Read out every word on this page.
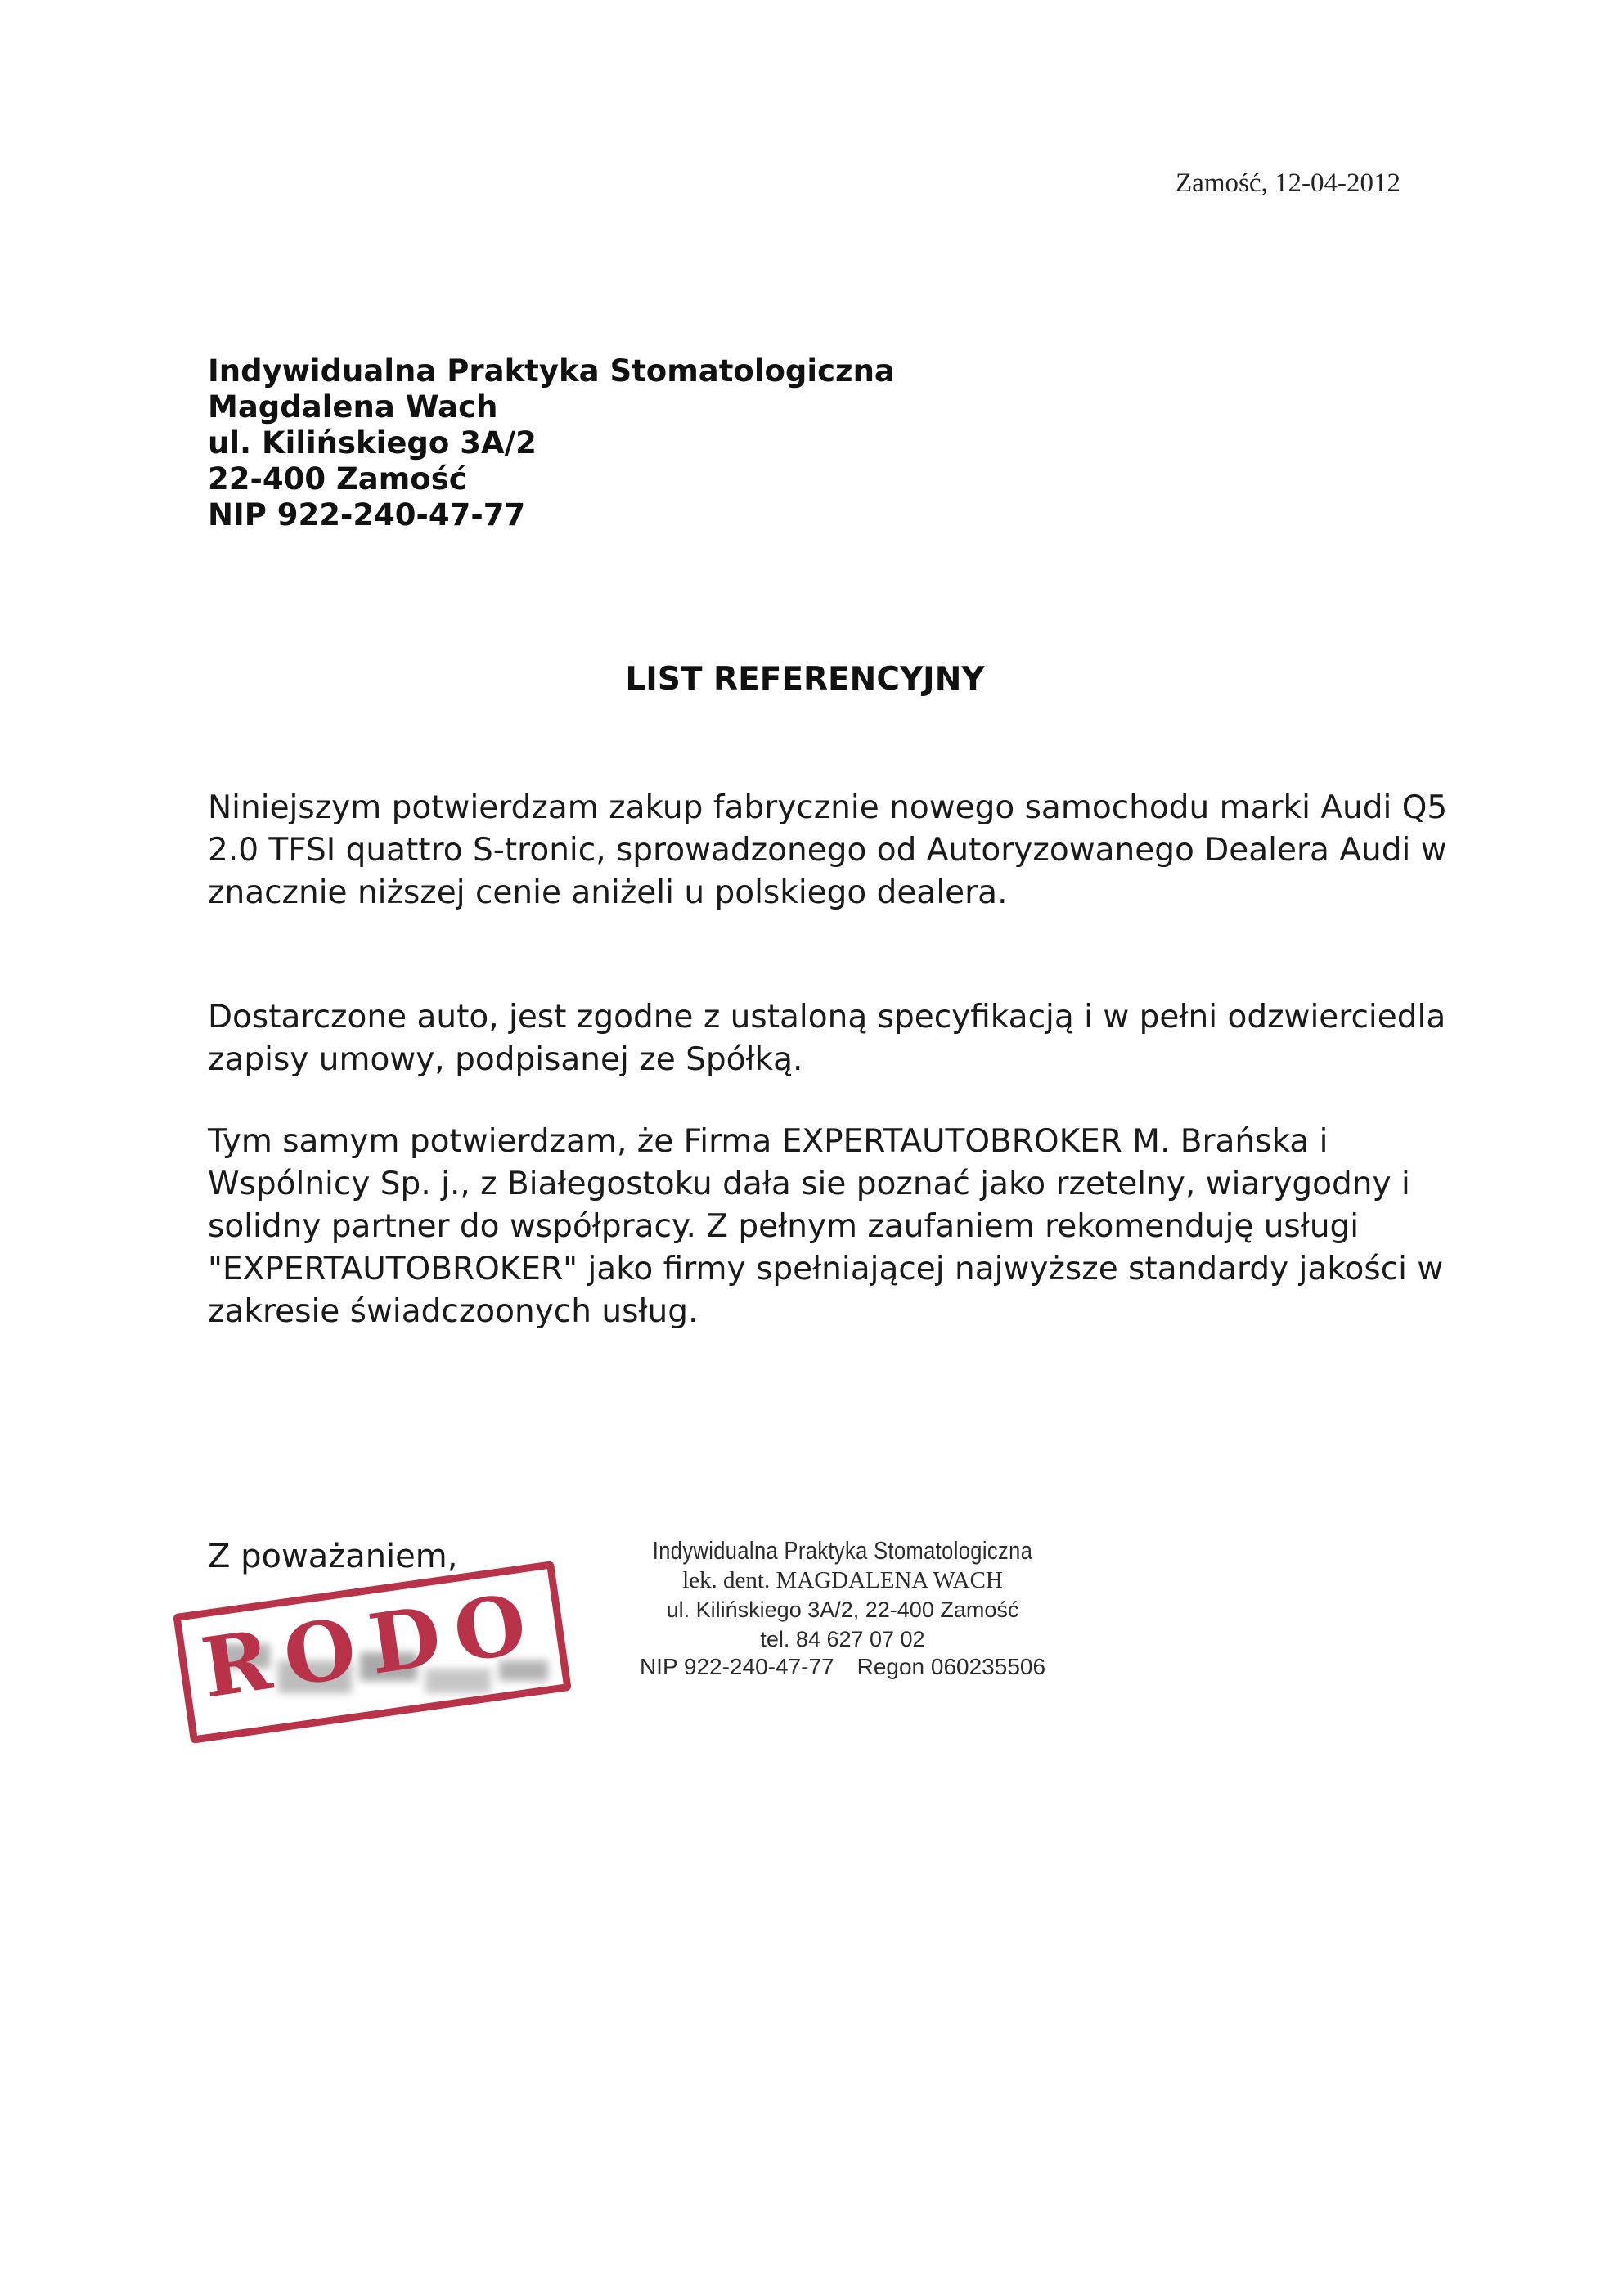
Zamość, 12-04-2012
Indywidualna Praktyka Stomatologiczna
Magdalena Wach
ul. Kilińskiego 3A/2
22-400 Zamość
NIP 922-240-47-77
LIST REFERENCYJNY
Niniejszym potwierdzam zakup fabrycznie nowego samochodu marki Audi Q5 2.0 TFSI quattro S-tronic, sprowadzonego od Autoryzowanego Dealera Audi w znacznie niższej cenie aniżeli u polskiego dealera.
Dostarczone auto, jest zgodne z ustaloną specyfikacją i w pełni odzwierciedla zapisy umowy, podpisanej ze Spółką.
Tym samym potwierdzam, że Firma EXPERTAUTOBROKER M. Brańska i Wspólnicy Sp. j., z Białegostoku dała sie poznać jako rzetelny, wiarygodny i solidny partner do współpracy. Z pełnym zaufaniem rekomenduję usługi "EXPERTAUTOBROKER" jako firmy spełniającej najwyższe standardy jakości w zakresie świadczoonych usług.
Z poważaniem,
RODO
Indywidualna Praktyka Stomatologiczna
lek. dent. MAGDALENA WACH
ul. Kilińskiego 3A/2, 22-400 Zamość
tel. 84 627 07 02
NIP 922-240-47-77 Regon 060235506
